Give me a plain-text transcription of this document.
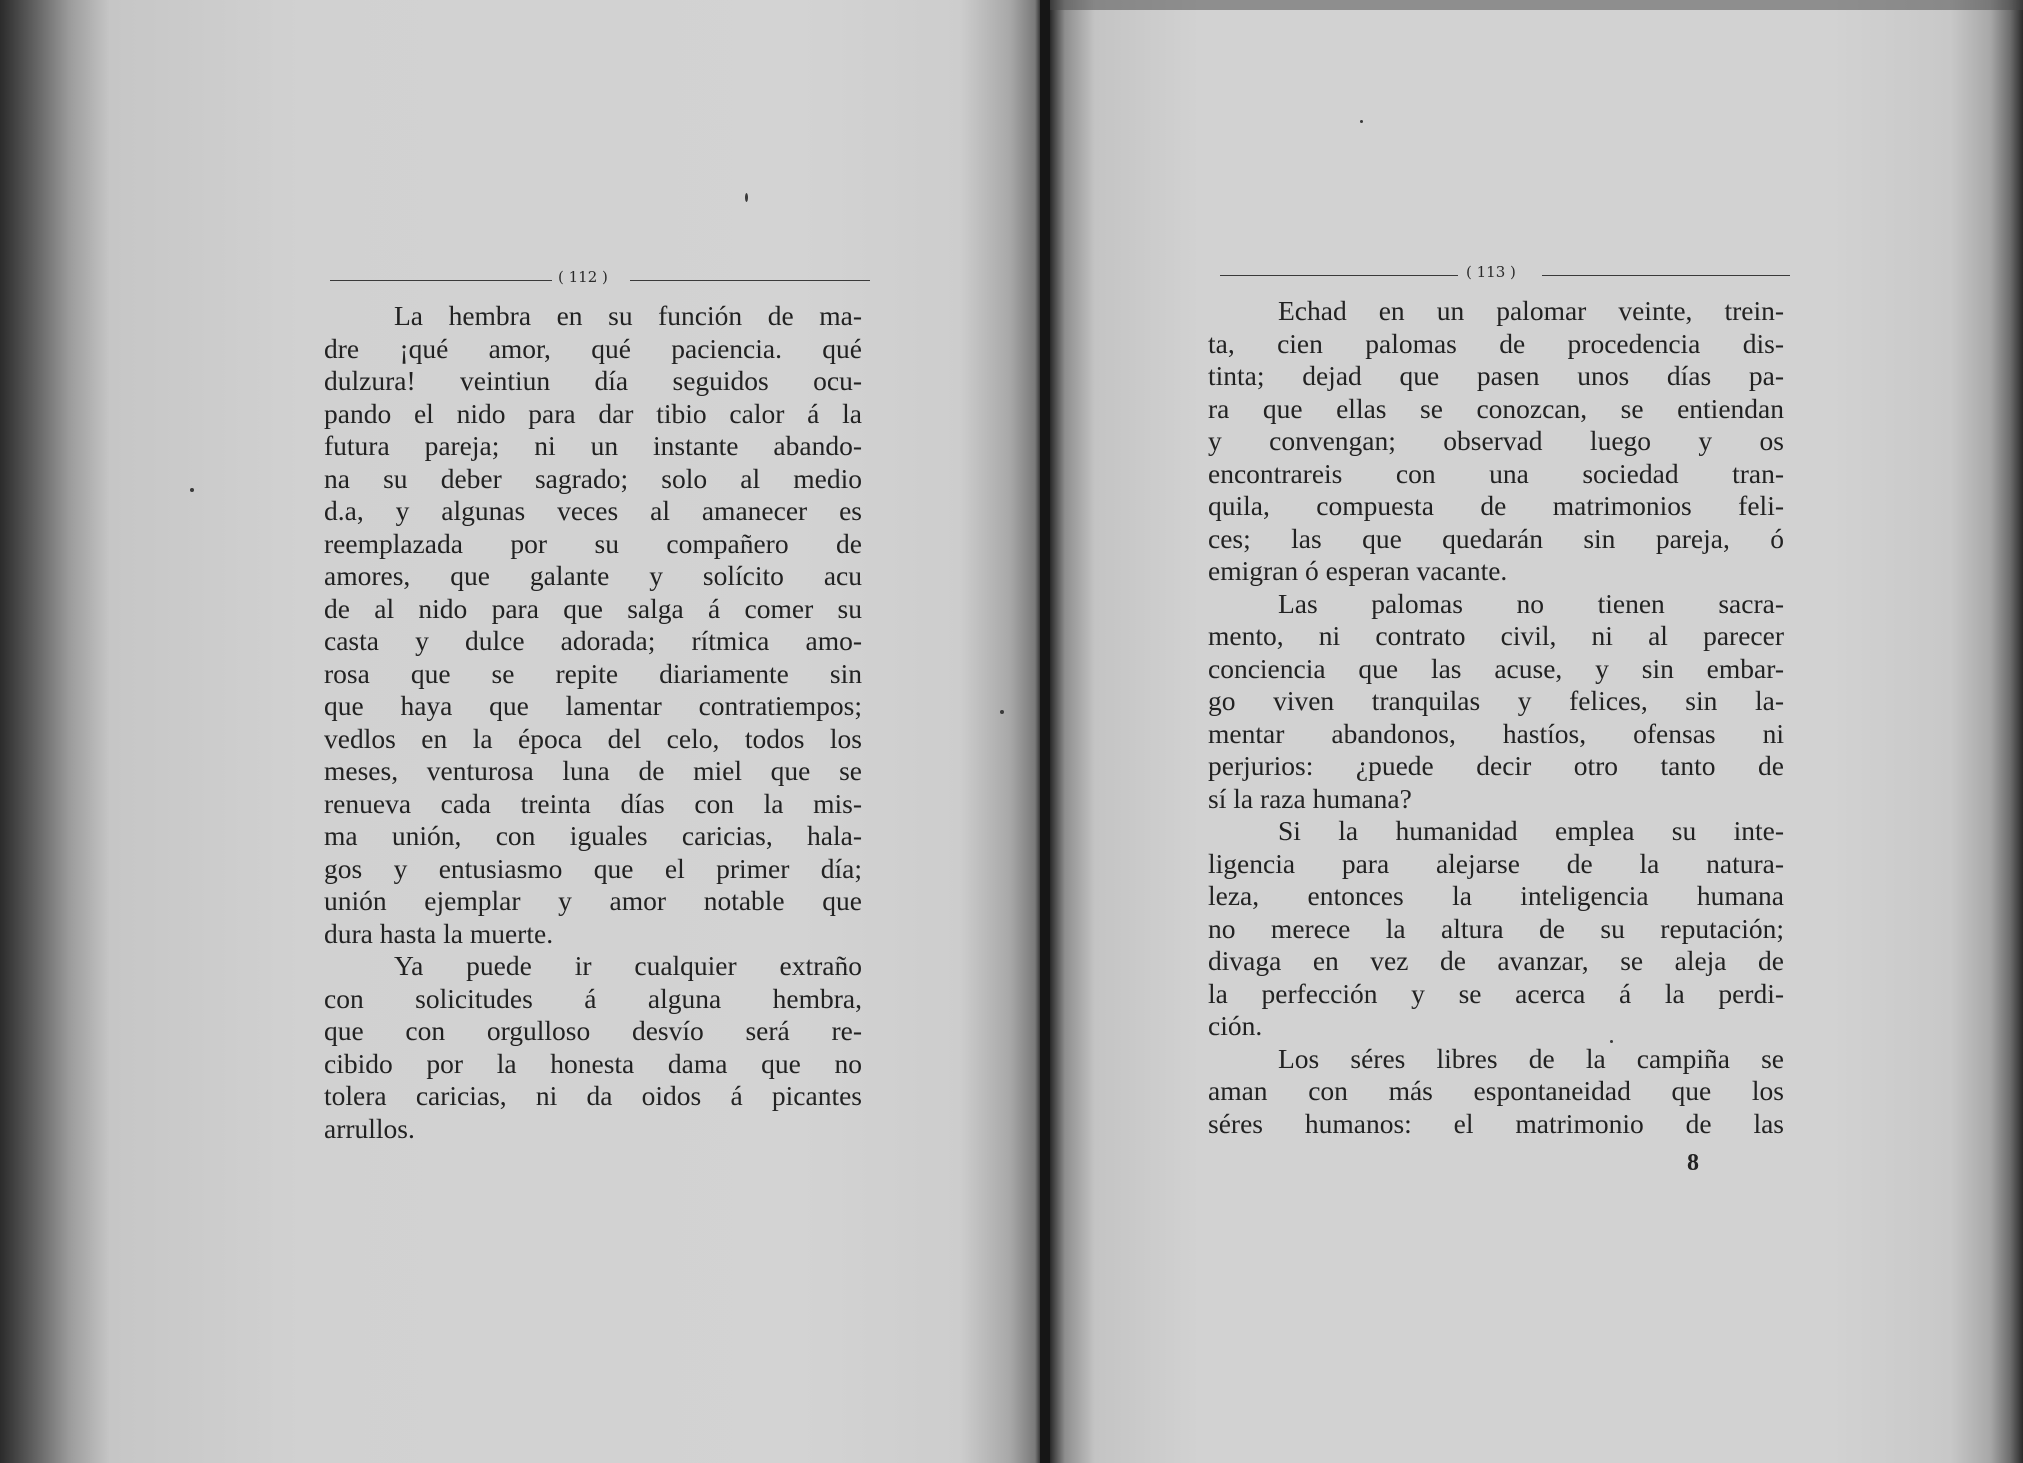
( 112 )
La hembra en su función de ma-
dre ¡qué amor, qué paciencia. qué
dulzura! veintiun día seguidos ocu-
pando el nido para dar tibio calor á la
futura pareja; ni un instante abando-
na su deber sagrado; solo al medio
d.a, y algunas veces al amanecer es
reemplazada por su compañero de
amores, que galante y solícito acu
de al nido para que salga á comer su
casta y dulce adorada; rítmica amo-
rosa que se repite diariamente sin
que haya que lamentar contratiempos;
vedlos en la época del celo, todos los
meses, venturosa luna de miel que se
renueva cada treinta días con la mis-
ma unión, con iguales caricias, hala-
gos y entusiasmo que el primer día;
unión ejemplar y amor notable que
dura hasta la muerte.
Ya puede ir cualquier extraño
con solicitudes á alguna hembra,
que con orgulloso desvío será re-
cibido por la honesta dama que no
tolera caricias, ni da oidos á picantes
arrullos.
( 113 )
Echad en un palomar veinte, trein-
ta, cien palomas de procedencia dis-
tinta; dejad que pasen unos días pa-
ra que ellas se conozcan, se entiendan
y convengan; observad luego y os
encontrareis con una sociedad tran-
quila, compuesta de matrimonios feli-
ces; las que quedarán sin pareja, ó
emigran ó esperan vacante.
Las palomas no tienen sacra-
mento, ni contrato civil, ni al parecer
conciencia que las acuse, y sin embar-
go viven tranquilas y felices, sin la-
mentar abandonos, hastíos, ofensas ni
perjurios: ¿puede decir otro tanto de
sí la raza humana?
Si la humanidad emplea su inte-
ligencia para alejarse de la natura-
leza, entonces la inteligencia humana
no merece la altura de su reputación;
divaga en vez de avanzar, se aleja de
la perfección y se acerca á la perdi-
ción.
Los séres libres de la campiña se
aman con más espontaneidad que los
séres humanos: el matrimonio de las
8
